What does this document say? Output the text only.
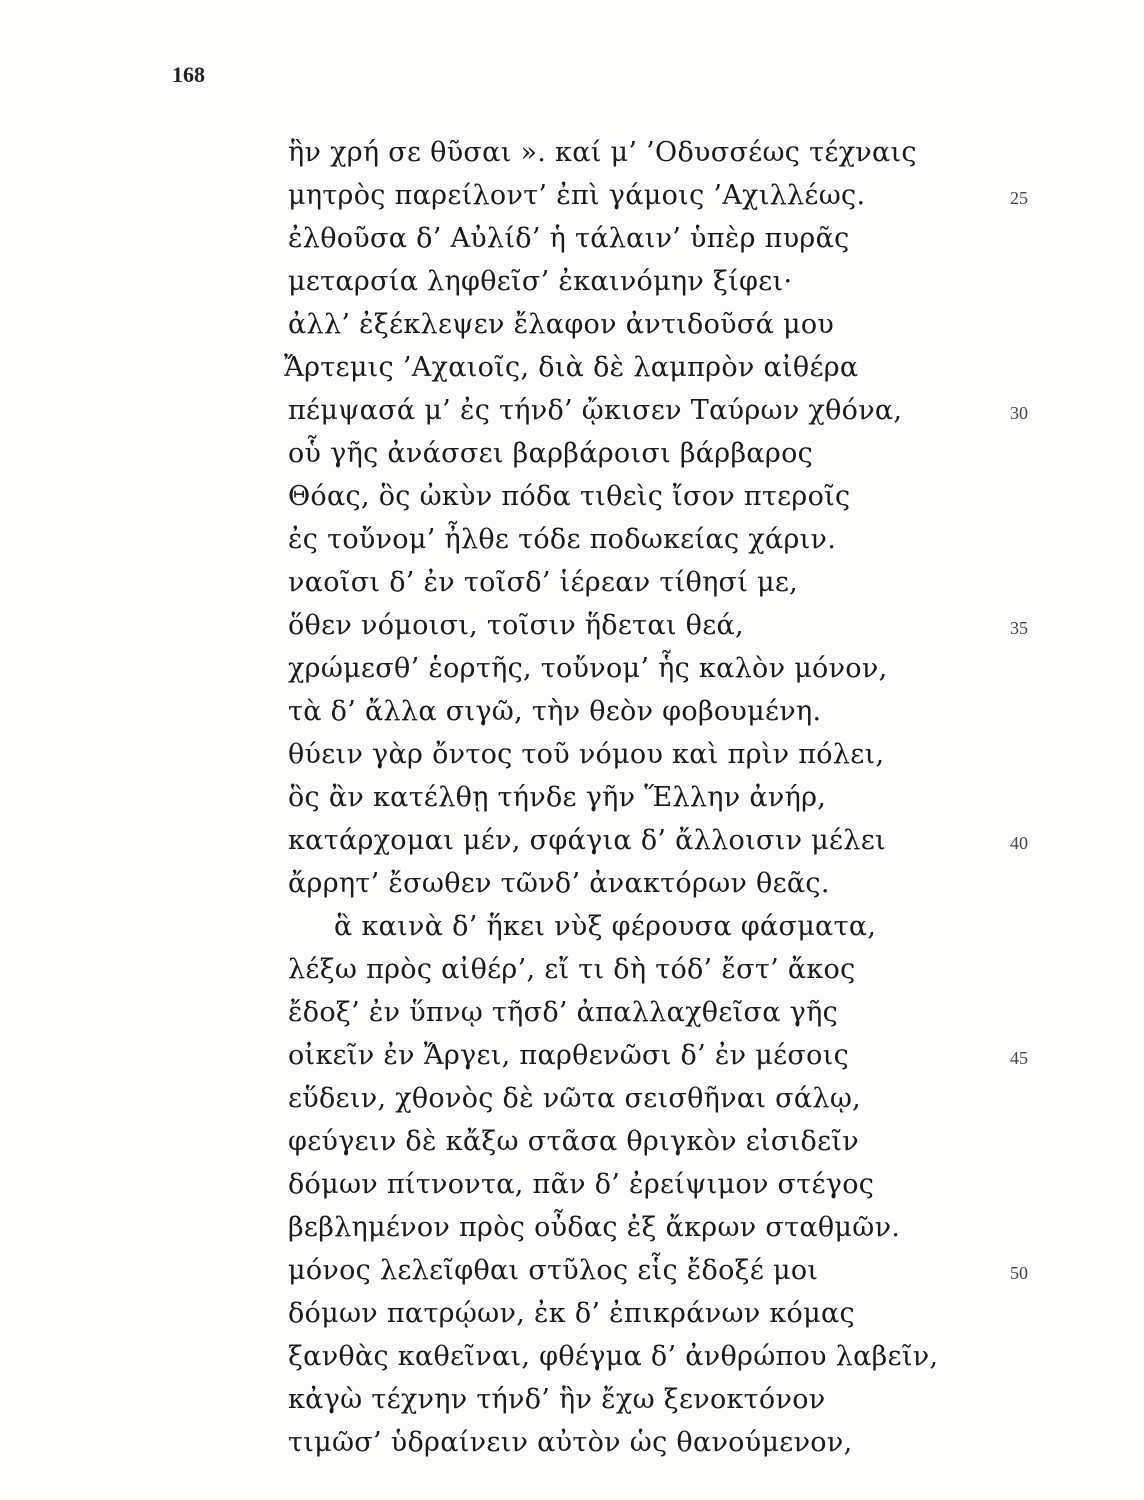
168
ἣν χρή σε θῦσαι ». καί μ’ ’Οδυσσέως τέχναις
μητρὸς παρείλοντ’ ἐπὶ γάμοις ’Αχιλλέως.
ἐλθοῦσα δ’ Αὐλίδ’ ἡ τάλαιν’ ὑπὲρ πυρᾶς
μεταρσία ληφθεῖσ’ ἐκαινόμην ξίφει·
ἀλλ’ ἐξέκλεψεν ἔλαφον ἀντιδοῦσά μου
Ἄρτεμις ’Αχαιοῖς, διὰ δὲ λαμπρὸν αἰθέρα
πέμψασά μ’ ἐς τήνδ’ ᾤκισεν Ταύρων χθόνα,
οὗ γῆς ἀνάσσει βαρβάροισι βάρβαρος
Θόας, ὃς ὠκὺν πόδα τιθεὶς ἴσον πτεροῖς
ἐς τοὔνομ’ ἦλθε τόδε ποδωκείας χάριν.
ναοῖσι δ’ ἐν τοῖσδ’ ἱέρεαν τίθησί με,
ὅθεν νόμοισι, τοῖσιν ἥδεται θεά,
χρώμεσθ’ ἑορτῆς, τοὔνομ’ ἧς καλὸν μόνον,
τὰ δ’ ἄλλα σιγῶ, τὴν θεὸν φοβουμένη.
θύειν γὰρ ὄντος τοῦ νόμου καὶ πρὶν πόλει,
ὃς ἂν κατέλθῃ τήνδε γῆν Ἕλλην ἀνήρ,
κατάρχομαι μέν, σφάγια δ’ ἄλλοισιν μέλει
ἄρρητ’ ἔσωθεν τῶνδ’ ἀνακτόρων θεᾶς.
ἃ καινὰ δ’ ἥκει νὺξ φέρουσα φάσματα,
λέξω πρὸς αἰθέρ’, εἴ τι δὴ τόδ’ ἔστ’ ἄκος
ἔδοξ’ ἐν ὕπνῳ τῆσδ’ ἀπαλλαχθεῖσα γῆς
οἰκεῖν ἐν Ἄργει, παρθενῶσι δ’ ἐν μέσοις
εὕδειν, χθονὸς δὲ νῶτα σεισθῆναι σάλῳ,
φεύγειν δὲ κἄξω στᾶσα θριγκὸν εἰσιδεῖν
δόμων πίτνοντα, πᾶν δ’ ἐρείψιμον στέγος
βεβλημένον πρὸς οὖδας ἐξ ἄκρων σταθμῶν.
μόνος λελεῖφθαι στῦλος εἷς ἔδοξέ μοι
δόμων πατρῴων, ἐκ δ’ ἐπικράνων κόμας
ξανθὰς καθεῖναι, φθέγμα δ’ ἀνθρώπου λαβεῖν,
κἀγὼ τέχνην τήνδ’ ἣν ἔχω ξενοκτόνον
τιμῶσ’ ὑδραίνειν αὐτὸν ὡς θανούμενον,
25
30
35
40
45
50
